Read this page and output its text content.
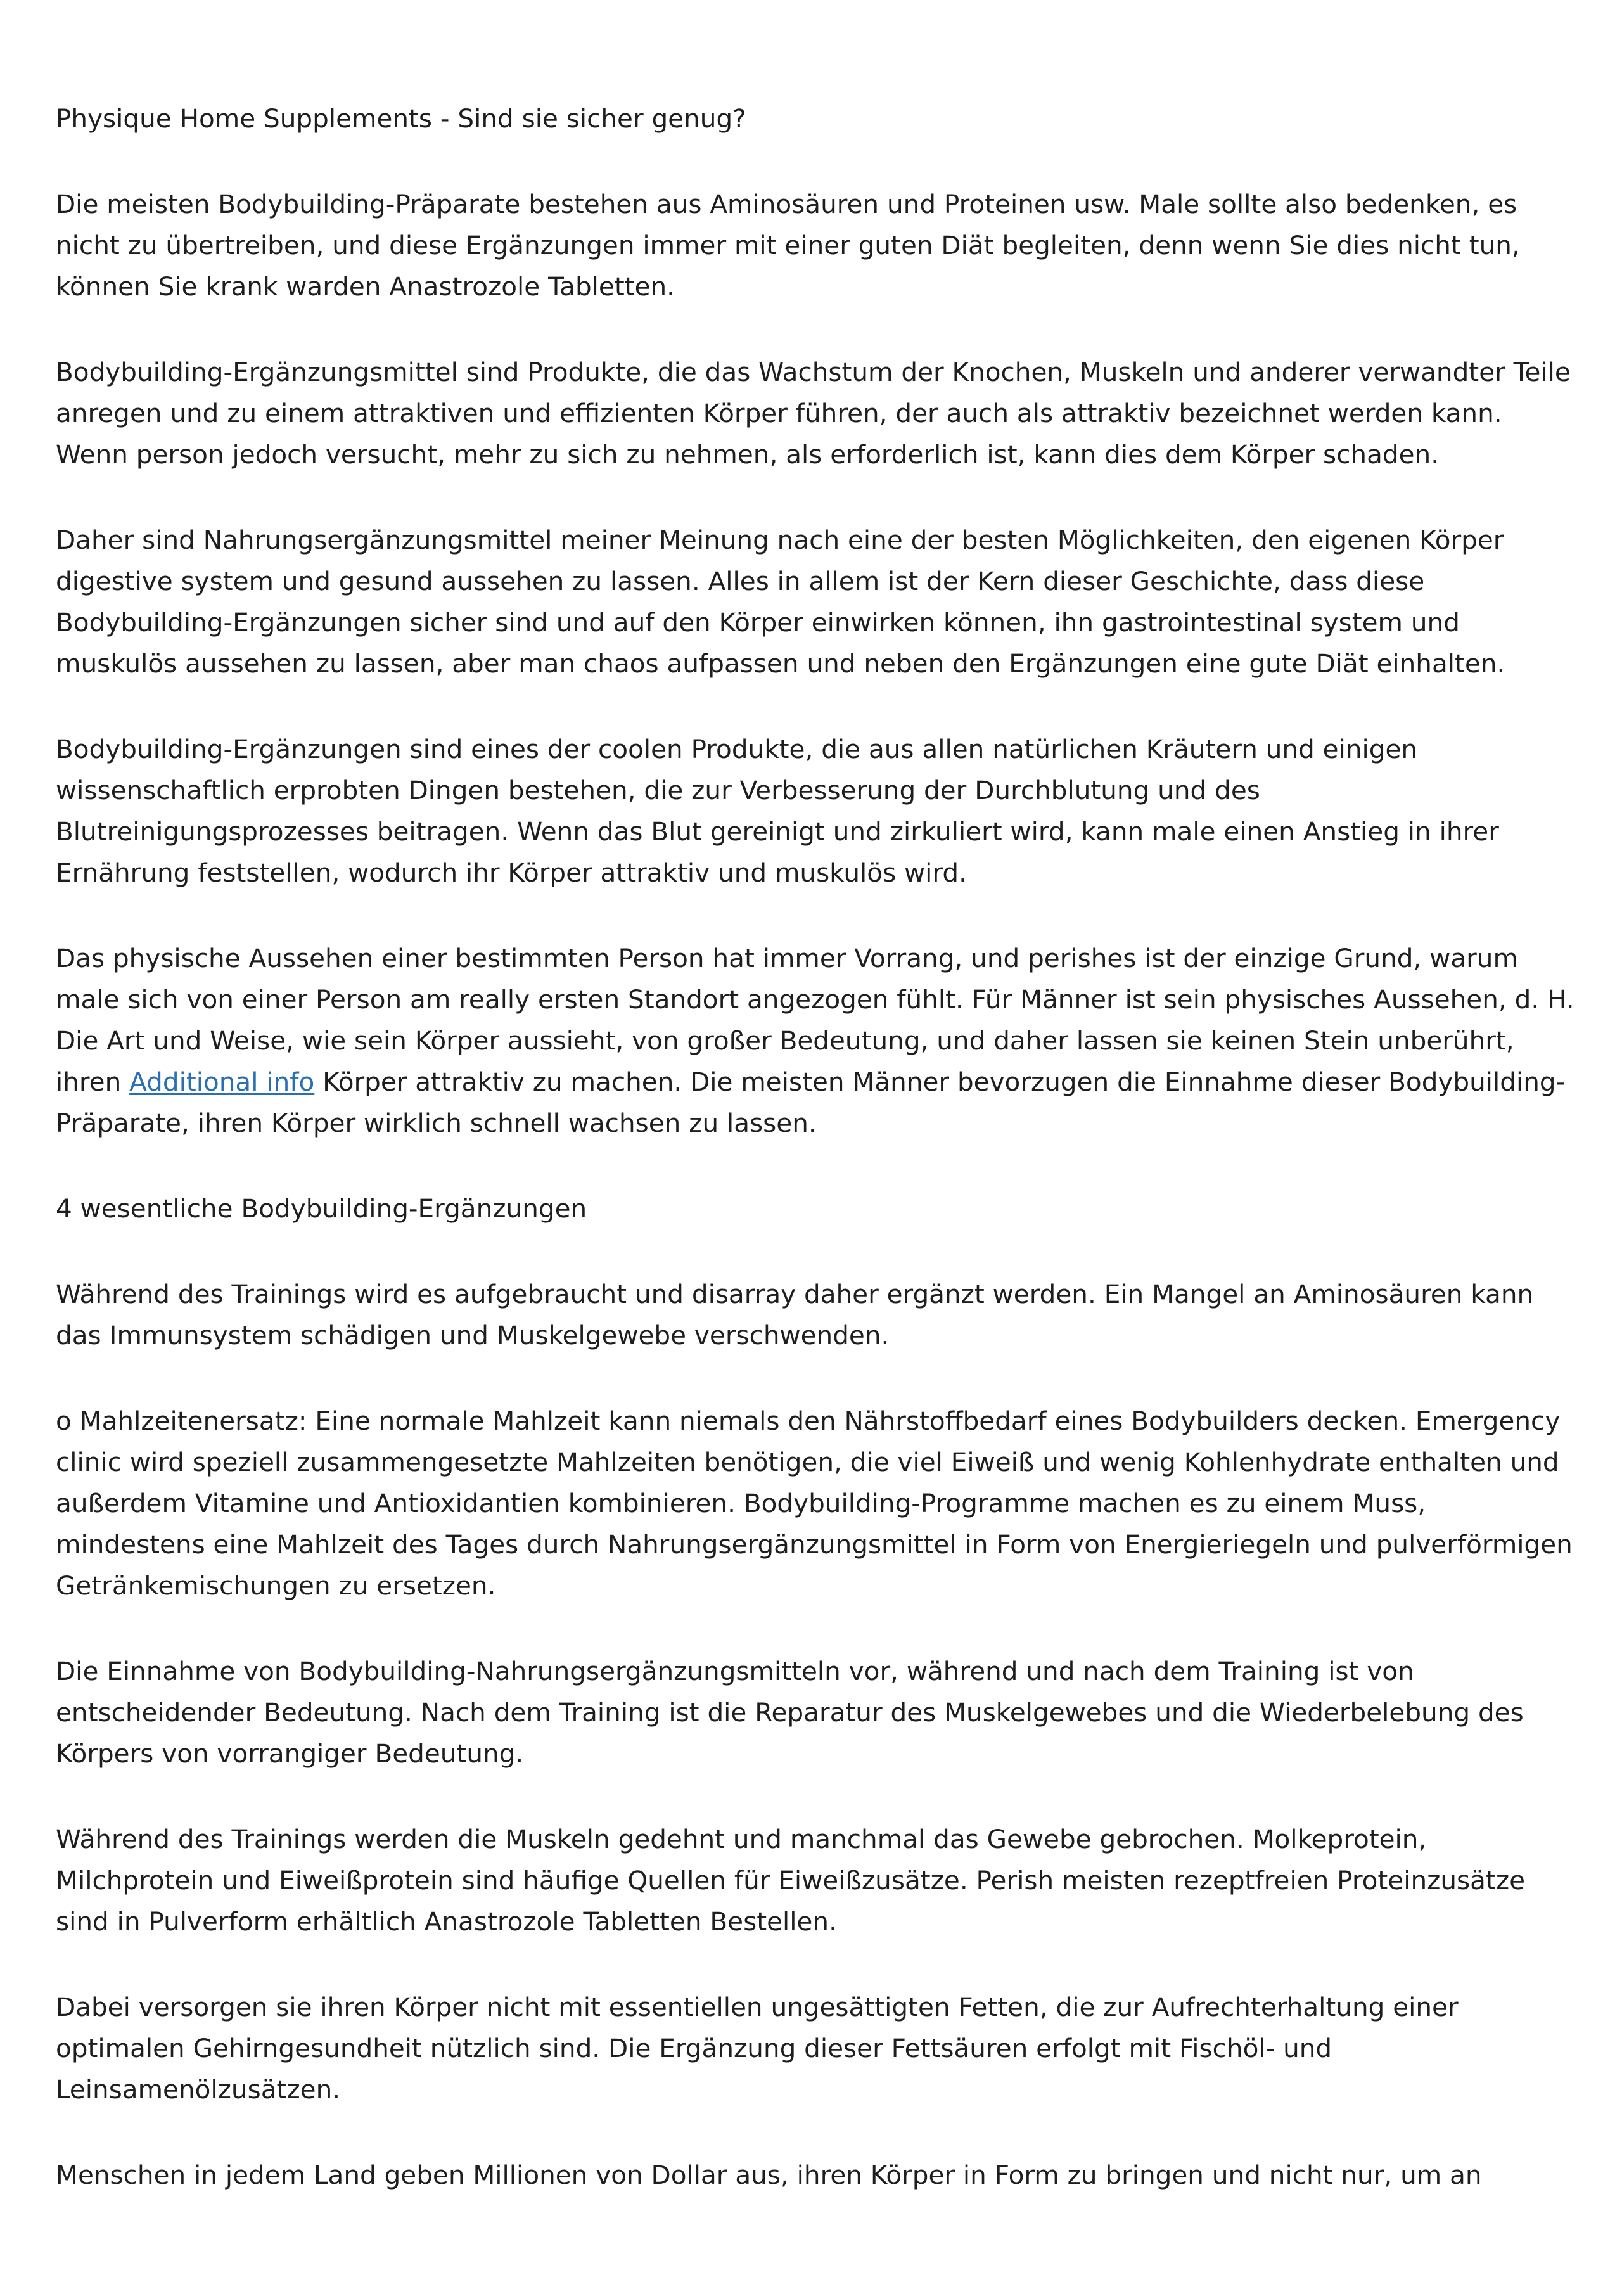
Physique Home Supplements - Sind sie sicher genug?

Die meisten Bodybuilding-Präparate bestehen aus Aminosäuren und Proteinen usw. Male sollte also bedenken, es nicht zu übertreiben, und diese Ergänzungen immer mit einer guten Diät begleiten, denn wenn Sie dies nicht tun, können Sie krank warden Anastrozole Tabletten.

Bodybuilding-Ergänzungsmittel sind Produkte, die das Wachstum der Knochen, Muskeln und anderer verwandter Teile anregen und zu einem attraktiven und effizienten Körper führen, der auch als attraktiv bezeichnet werden kann. Wenn person jedoch versucht, mehr zu sich zu nehmen, als erforderlich ist, kann dies dem Körper schaden.

Daher sind Nahrungsergänzungsmittel meiner Meinung nach eine der besten Möglichkeiten, den eigenen Körper digestive system und gesund aussehen zu lassen. Alles in allem ist der Kern dieser Geschichte, dass diese Bodybuilding-Ergänzungen sicher sind und auf den Körper einwirken können, ihn gastrointestinal system und muskulös aussehen zu lassen, aber man chaos aufpassen und neben den Ergänzungen eine gute Diät einhalten.

Bodybuilding-Ergänzungen sind eines der coolen Produkte, die aus allen natürlichen Kräutern und einigen wissenschaftlich erprobten Dingen bestehen, die zur Verbesserung der Durchblutung und des Blutreinigungsprozesses beitragen. Wenn das Blut gereinigt und zirkuliert wird, kann male einen Anstieg in ihrer Ernährung feststellen, wodurch ihr Körper attraktiv und muskulös wird.

Das physische Aussehen einer bestimmten Person hat immer Vorrang, und perishes ist der einzige Grund, warum male sich von einer Person am really ersten Standort angezogen fühlt. Für Männer ist sein physisches Aussehen, d. H. Die Art und Weise, wie sein Körper aussieht, von großer Bedeutung, und daher lassen sie keinen Stein unberührt, ihren Additional info Körper attraktiv zu machen. Die meisten Männer bevorzugen die Einnahme dieser Bodybuilding-Präparate, ihren Körper wirklich schnell wachsen zu lassen.

4 wesentliche Bodybuilding-Ergänzungen

Während des Trainings wird es aufgebraucht und disarray daher ergänzt werden. Ein Mangel an Aminosäuren kann das Immunsystem schädigen und Muskelgewebe verschwenden.

o Mahlzeitenersatz: Eine normale Mahlzeit kann niemals den Nährstoffbedarf eines Bodybuilders decken. Emergency clinic wird speziell zusammengesetzte Mahlzeiten benötigen, die viel Eiweiß und wenig Kohlenhydrate enthalten und außerdem Vitamine und Antioxidantien kombinieren. Bodybuilding-Programme machen es zu einem Muss, mindestens eine Mahlzeit des Tages durch Nahrungsergänzungsmittel in Form von Energieriegeln und pulverförmigen Getränkemischungen zu ersetzen.

Die Einnahme von Bodybuilding-Nahrungsergänzungsmitteln vor, während und nach dem Training ist von entscheidender Bedeutung. Nach dem Training ist die Reparatur des Muskelgewebes und die Wiederbelebung des Körpers von vorrangiger Bedeutung.

Während des Trainings werden die Muskeln gedehnt und manchmal das Gewebe gebrochen. Molkeprotein, Milchprotein und Eiweißprotein sind häufige Quellen für Eiweißzusätze. Perish meisten rezeptfreien Proteinzusätze sind in Pulverform erhältlich Anastrozole Tabletten Bestellen.

Dabei versorgen sie ihren Körper nicht mit essentiellen ungesättigten Fetten, die zur Aufrechterhaltung einer optimalen Gehirngesundheit nützlich sind. Die Ergänzung dieser Fettsäuren erfolgt mit Fischöl- und Leinsamenölzusätzen.

Menschen in jedem Land geben Millionen von Dollar aus, ihren Körper in Form zu bringen und nicht nur, um an
